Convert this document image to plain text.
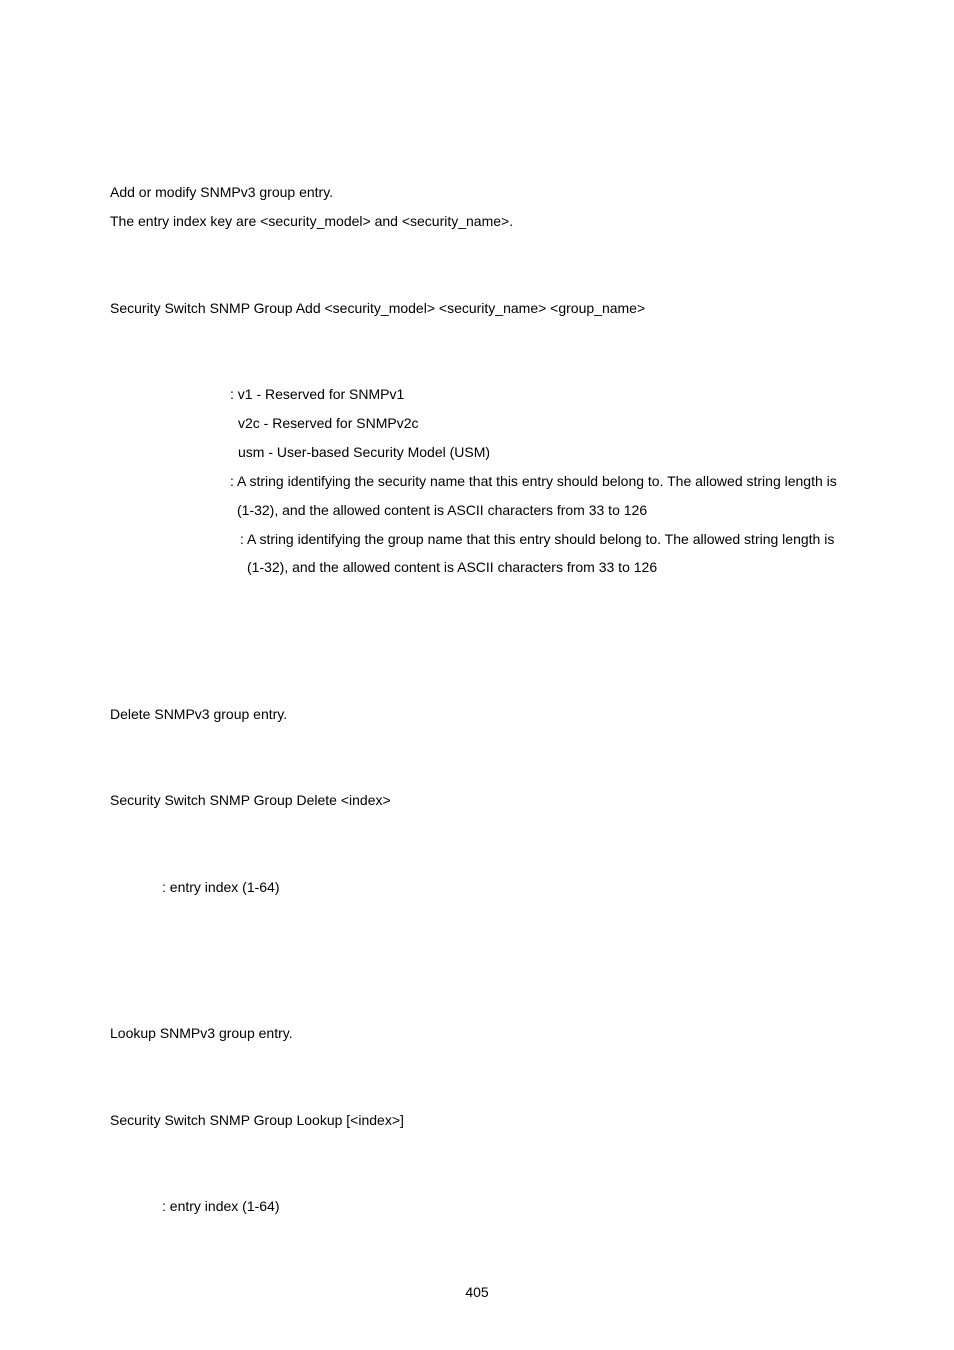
Add or modify SNMPv3 group entry.
The entry index key are <security_model> and <security_name>.
Security Switch SNMP Group Add <security_model> <security_name> <group_name>
: v1 - Reserved for SNMPv1
v2c - Reserved for SNMPv2c
usm - User-based Security Model (USM)
: A string identifying the security name that this entry should belong to. The allowed string length is
(1-32), and the allowed content is ASCII characters from 33 to 126
: A string identifying the group name that this entry should belong to. The allowed string length is
(1-32), and the allowed content is ASCII characters from 33 to 126
Delete SNMPv3 group entry.
Security Switch SNMP Group Delete <index>
: entry index (1-64)
Lookup SNMPv3 group entry.
Security Switch SNMP Group Lookup [<index>]
: entry index (1-64)
405
